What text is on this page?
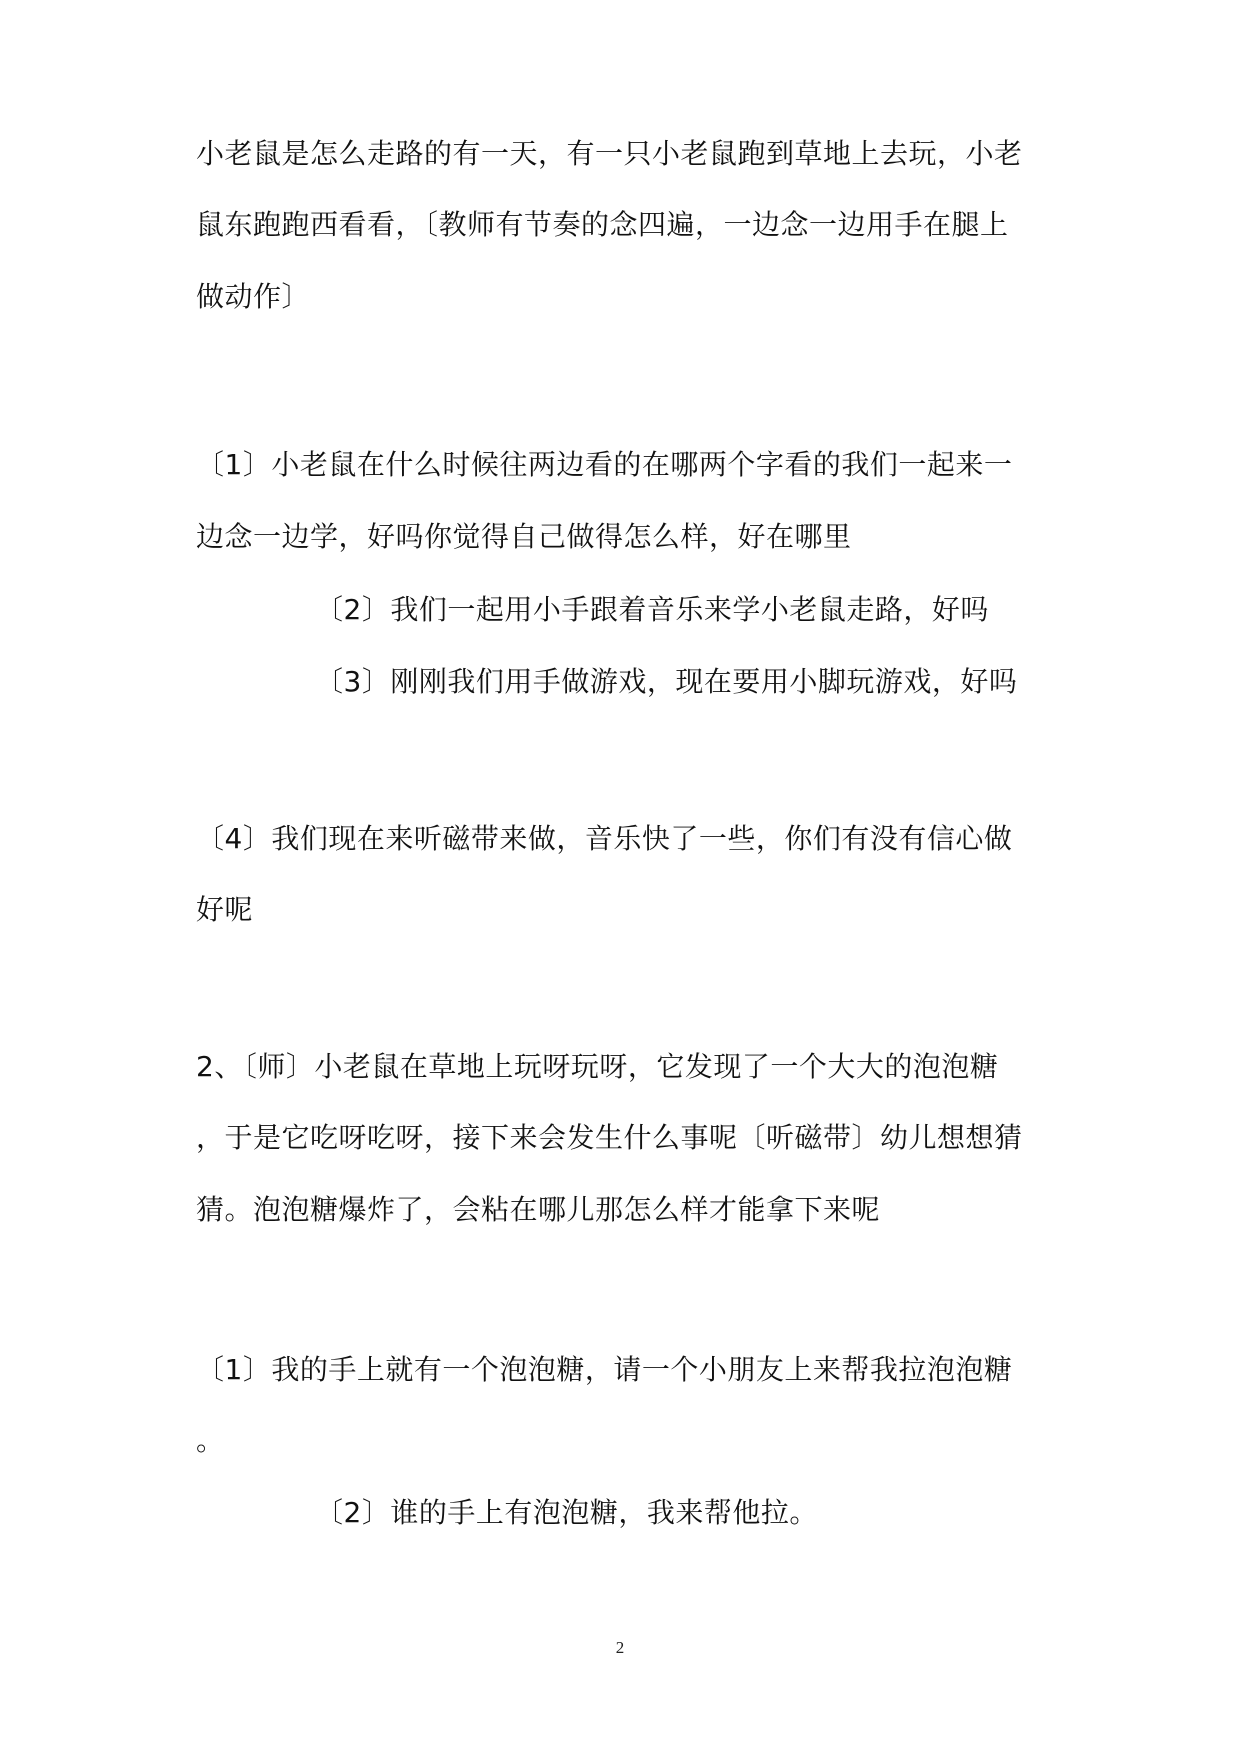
小老鼠是怎么走路的有一天，有一只小老鼠跑到草地上去玩，小老
鼠东跑跑西看看，〔教师有节奏的念四遍，一边念一边用手在腿上
做动作〕
〔1〕小老鼠在什么时候往两边看的在哪两个字看的我们一起来一
边念一边学，好吗你觉得自己做得怎么样，好在哪里
〔2〕我们一起用小手跟着音乐来学小老鼠走路，好吗
〔3〕刚刚我们用手做游戏，现在要用小脚玩游戏，好吗
〔4〕我们现在来听磁带来做，音乐快了一些，你们有没有信心做
好呢
2、〔师〕小老鼠在草地上玩呀玩呀，它发现了一个大大的泡泡糖
，于是它吃呀吃呀，接下来会发生什么事呢〔听磁带〕幼儿想想猜
猜。泡泡糖爆炸了，会粘在哪儿那怎么样才能拿下来呢
〔1〕我的手上就有一个泡泡糖，请一个小朋友上来帮我拉泡泡糖
。
〔2〕谁的手上有泡泡糖，我来帮他拉。
2
